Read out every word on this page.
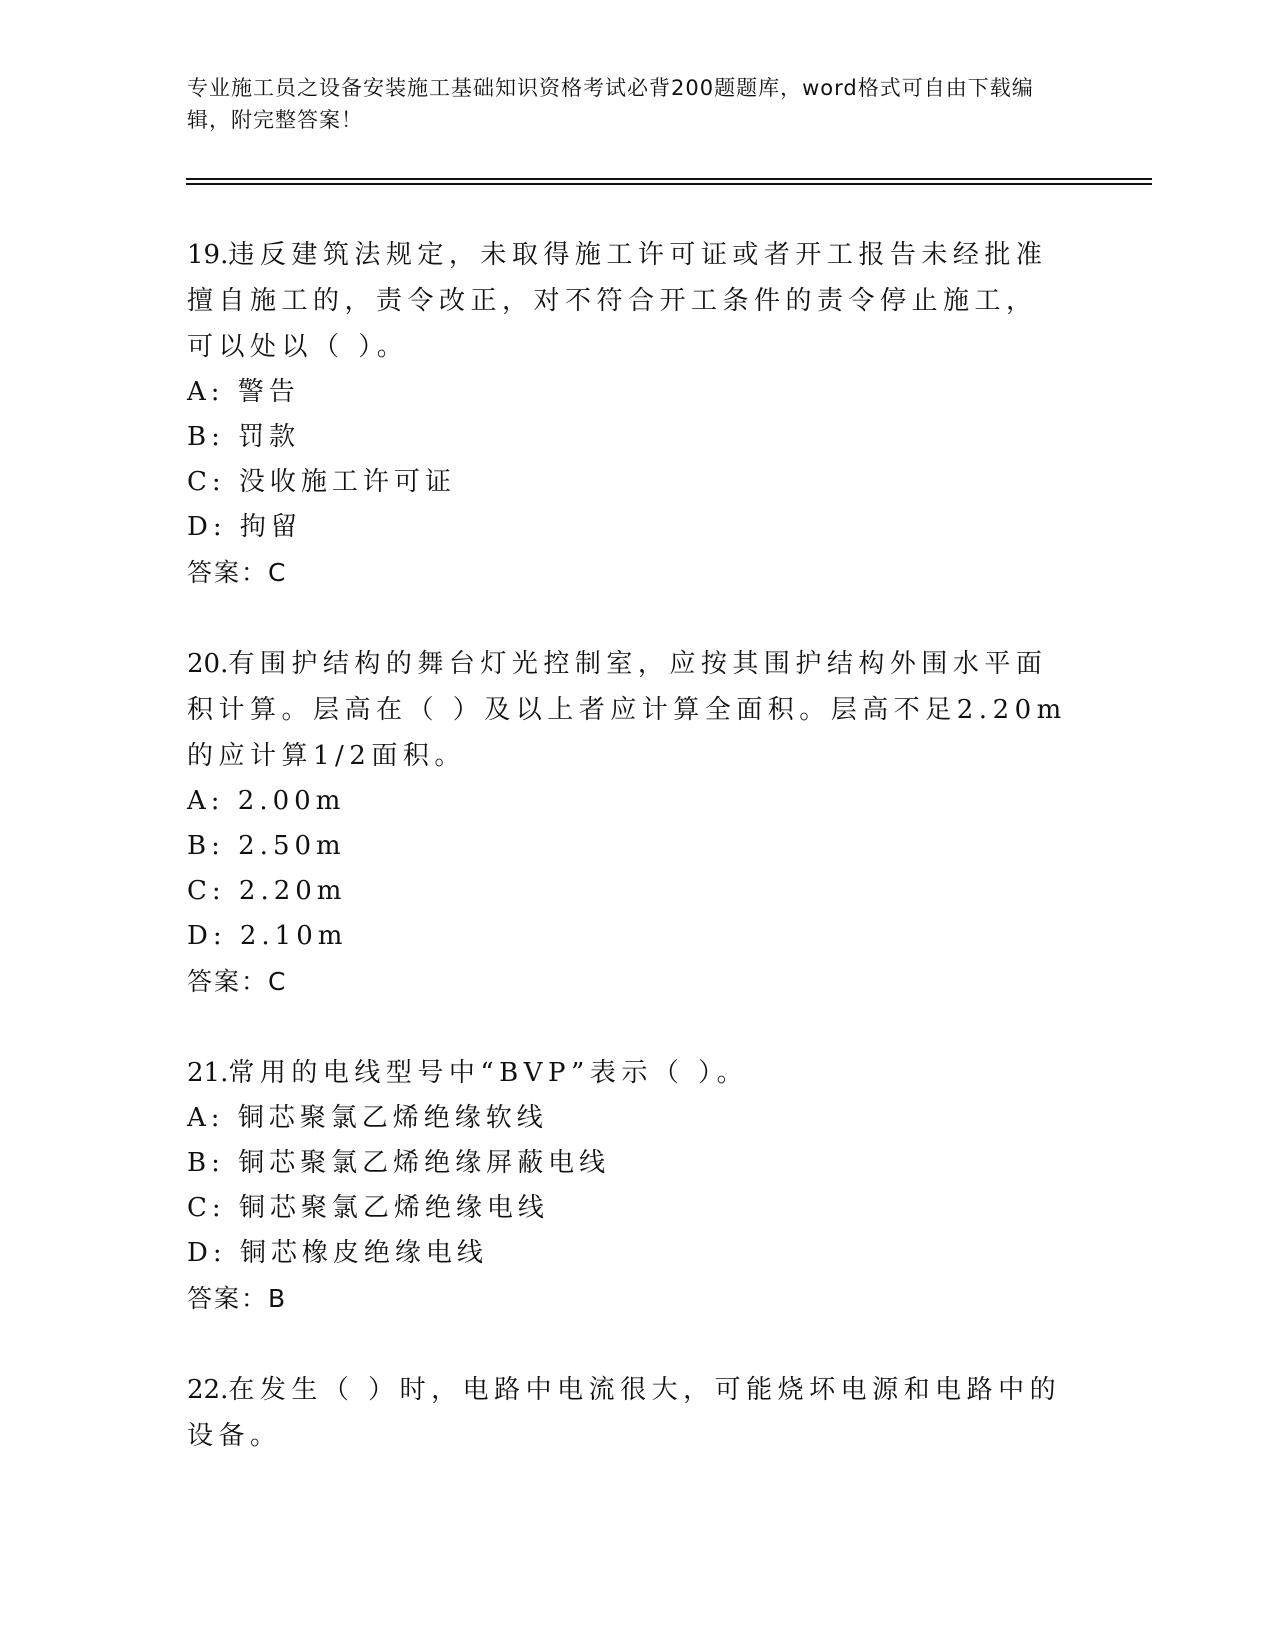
专业施工员之设备安装施工基础知识资格考试必背200题题库，word格式可自由下载编辑，附完整答案！
19.违反建筑法规定，未取得施工许可证或者开工报告未经批准擅自施工的，责令改正，对不符合开工条件的责令停止施工，可以处以（ ）。
A: 警告
B: 罚款
C: 没收施工许可证
D: 拘留
答案：C
20.有围护结构的舞台灯光控制室，应按其围护结构外围水平面积计算。层高在（ ）及以上者应计算全面积。层高不足2.20m的应计算1/2面积。
A: 2.00m
B: 2.50m
C: 2.20m
D: 2.10m
答案：C
21.常用的电线型号中“BVP”表示（ ）。
A: 铜芯聚氯乙烯绝缘软线
B: 铜芯聚氯乙烯绝缘屏蔽电线
C: 铜芯聚氯乙烯绝缘电线
D: 铜芯橡皮绝缘电线
答案：B
22.在发生（ ）时，电路中电流很大，可能烧坏电源和电路中的设备。
